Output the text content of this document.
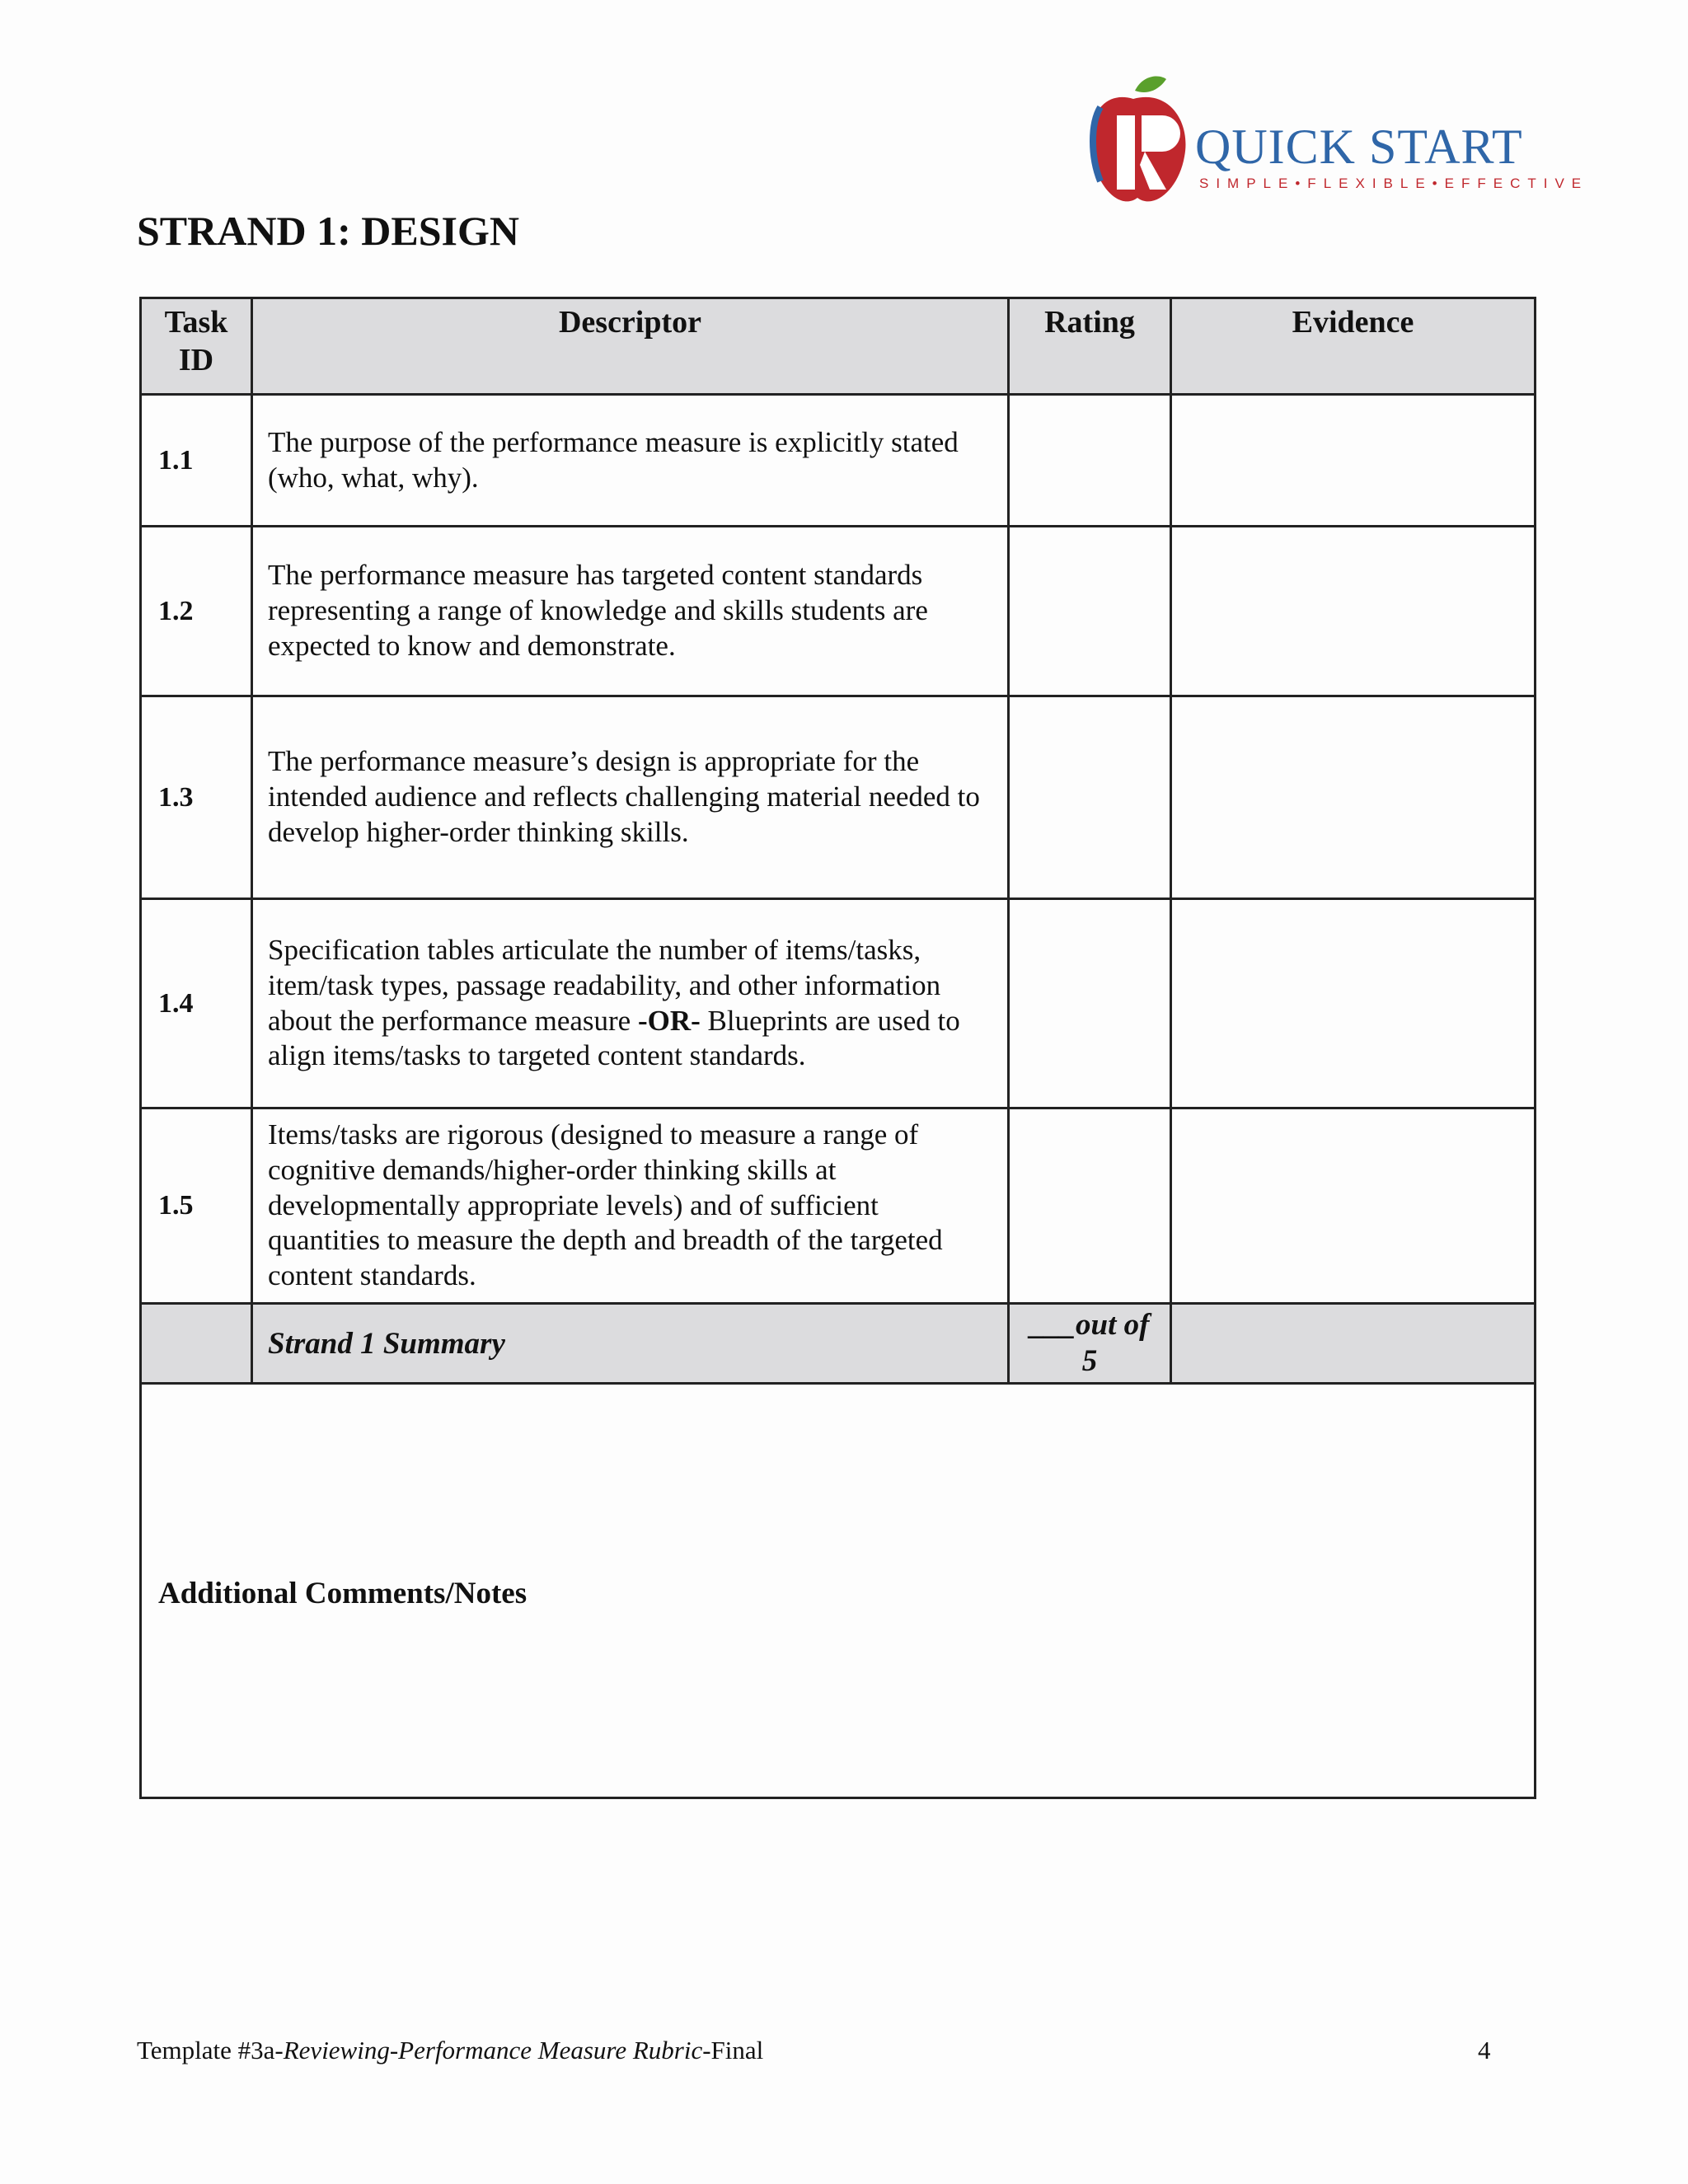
QUICK START
SIMPLE•FLEXIBLE•EFFECTIVE
STRAND 1: DESIGN
Task ID	Descriptor	Rating	Evidence
1.1	The purpose of the performance measure is explicitly stated (who, what, why).		
1.2	The performance measure has targeted content standards representing a range of knowledge and skills students are expected to know and demonstrate.		
1.3	The performance measure’s design is appropriate for the intended audience and reflects challenging material needed to develop higher-order thinking skills.		
1.4	Specification tables articulate the number of items/tasks, item/task types, passage readability, and other information about the performance measure -OR- Blueprints are used to align items/tasks to targeted content standards.		
1.5	Items/tasks are rigorous (designed to measure a range of cognitive demands/higher-order thinking skills at developmentally appropriate levels) and of sufficient quantities to measure the depth and breadth of the targeted content standards.		
	Strand 1 Summary	___out of
5	

Additional Comments/Notes			
Template #3a-Reviewing-Performance Measure Rubric-Final	4
